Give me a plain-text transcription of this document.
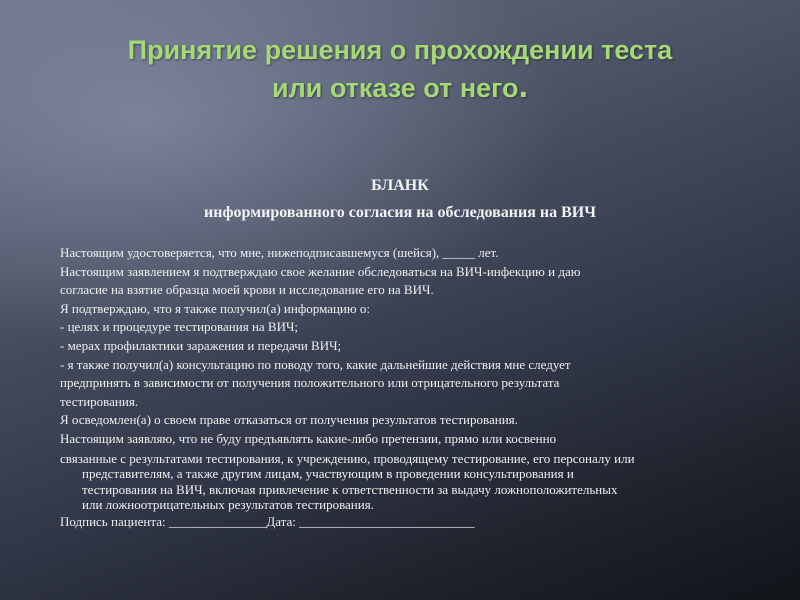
Принятие решения о прохождении теста
или отказе от него.
БЛАНК
информированного согласия на обследования на ВИЧ
Настоящим удостоверяется, что мне, нижеподписавшемуся (шейся), _____ лет.
Настоящим заявлением я подтверждаю свое желание обследоваться на ВИЧ-инфекцию и даю
согласие на взятие образца моей крови и исследование его на ВИЧ.
Я подтверждаю, что я также получил(а) информацию о:
- целях и процедуре тестирования на ВИЧ;
- мерах профилактики заражения и передачи ВИЧ;
- я также получил(а) консультацию по поводу того, какие дальнейшие действия мне следует
предпринять в зависимости от получения положительного или отрицательного результата
тестирования.
Я осведомлен(а) о своем праве отказаться от получения результатов тестирования.
Настоящим заявляю, что не буду предъявлять какие-либо претензии, прямо или косвенно
связанные с результатами тестирования, к учреждению, проводящему тестирование, его персоналу или
представителям, а также другим лицам, участвующим в проведении консультирования и
тестирования на ВИЧ, включая привлечение к ответственности за выдачу ложноположительных
или ложноотрицательных результатов тестирования.
Подпись пациента: _______________Дата: ___________________________
